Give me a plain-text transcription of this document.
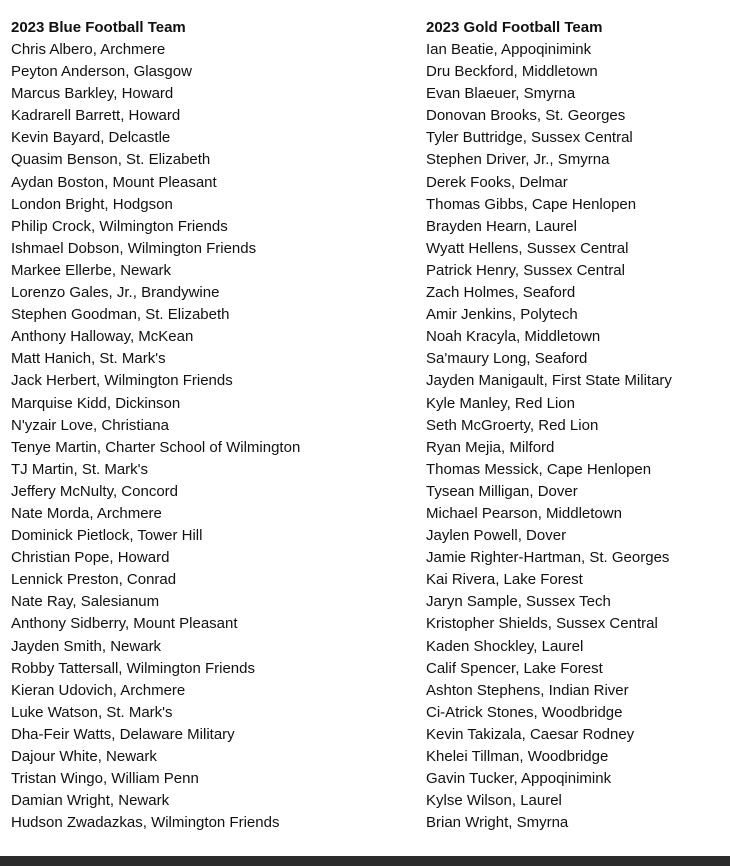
2023 Blue Football Team
Chris Albero, Archmere
Peyton Anderson, Glasgow
Marcus Barkley, Howard
Kadrarell Barrett, Howard
Kevin Bayard, Delcastle
Quasim Benson, St. Elizabeth
Aydan Boston, Mount Pleasant
London Bright, Hodgson
Philip Crock, Wilmington Friends
Ishmael Dobson, Wilmington Friends
Markee Ellerbe, Newark
Lorenzo Gales, Jr., Brandywine
Stephen Goodman, St. Elizabeth
Anthony Halloway, McKean
Matt Hanich, St. Mark's
Jack Herbert, Wilmington Friends
Marquise Kidd, Dickinson
N'yzair Love, Christiana
Tenye Martin, Charter School of Wilmington
TJ Martin, St. Mark's
Jeffery McNulty, Concord
Nate Morda, Archmere
Dominick Pietlock, Tower Hill
Christian Pope, Howard
Lennick Preston, Conrad
Nate Ray, Salesianum
Anthony Sidberry, Mount Pleasant
Jayden Smith, Newark
Robby Tattersall, Wilmington Friends
Kieran Udovich, Archmere
Luke Watson, St. Mark's
Dha-Feir Watts, Delaware Military
Dajour White, Newark
Tristan Wingo, William Penn
Damian Wright, Newark
Hudson Zwadazkas, Wilmington Friends
2023 Gold Football Team
Ian Beatie, Appoqinimink
Dru Beckford, Middletown
Evan Blaeuer, Smyrna
Donovan Brooks, St. Georges
Tyler Buttridge, Sussex Central
Stephen Driver, Jr., Smyrna
Derek Fooks, Delmar
Thomas Gibbs, Cape Henlopen
Brayden Hearn, Laurel
Wyatt Hellens, Sussex Central
Patrick Henry, Sussex Central
Zach Holmes, Seaford
Amir Jenkins, Polytech
Noah Kracyla, Middletown
Sa'maury Long, Seaford
Jayden Manigault, First State Military
Kyle Manley, Red Lion
Seth McGroerty, Red Lion
Ryan Mejia, Milford
Thomas Messick, Cape Henlopen
Tysean Milligan, Dover
Michael Pearson, Middletown
Jaylen Powell, Dover
Jamie Righter-Hartman, St. Georges
Kai Rivera, Lake Forest
Jaryn Sample, Sussex Tech
Kristopher Shields, Sussex Central
Kaden Shockley, Laurel
Calif Spencer, Lake Forest
Ashton Stephens, Indian River
Ci-Atrick Stones, Woodbridge
Kevin Takizala, Caesar Rodney
Khelei Tillman, Woodbridge
Gavin Tucker, Appoqinimink
Kylse Wilson, Laurel
Brian Wright, Smyrna
